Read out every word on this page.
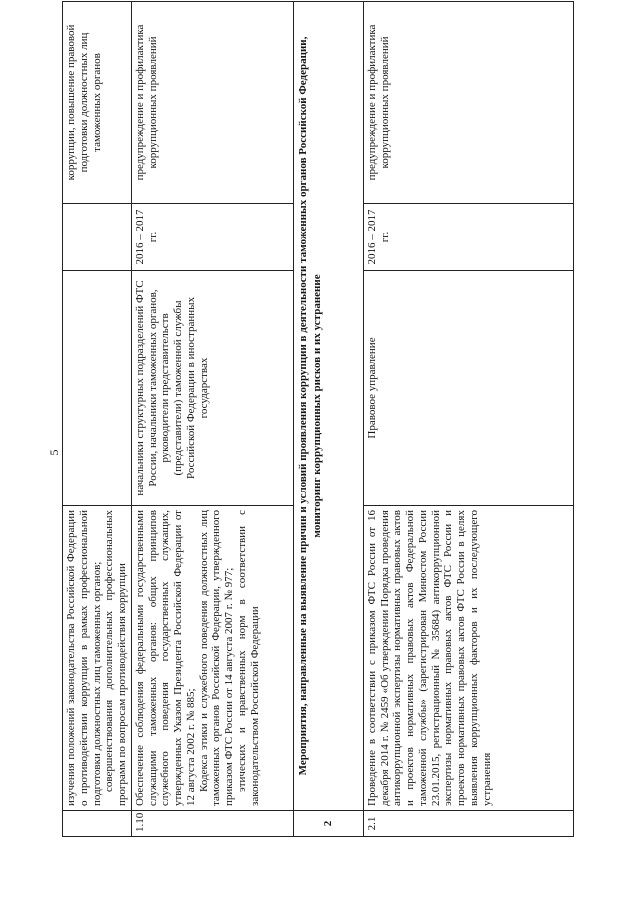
5

	изучения положений законодательства Российской Федерации о противодействии коррупции в рамках профессиональной подготовки должностных лиц таможенных органов; совершенствования дополнительных профессиональных программ по вопросам противодействия коррупции			коррупции, повышение правовой подготовки должностных лиц таможенных органов
1.10	Обеспечение соблюдения федеральными государственными служащими таможенных органов: общих принципов служебного поведения государственных служащих, утвержденных Указом Президента Российской Федерации от 12 августа 2002 г. № 885; Кодекса этики и служебного поведения должностных лиц таможенных органов Российской Федерации, утвержденного приказом ФТС России от 14 августа 2007 г. № 977; этических и нравственных норм в соответствии с законодательством Российской Федерации	начальники структурных подразделений ФТС России, начальники таможенных органов, руководители представительств (представители) таможенной службы Российской Федерации в иностранных государствах	2016 – 2017 гг.	предупреждение и профилактика коррупционных проявлений
2	Мероприятия, направленные на выявление причин и условий проявления коррупции в деятельности таможенных органов Российской Федерации, мониторинг коррупционных рисков и их устранение			
2.1	Проведение в соответствии с приказом ФТС России от 16 декабря 2014 г. № 2459 «Об утверждении Порядка проведения антикоррупционной экспертизы нормативных правовых актов и проектов нормативных правовых актов Федеральной таможенной службы» (зарегистрирован Минюстом России 23.01.2015, регистрационный № 35684) антикоррупционной экспертизы нормативных правовых актов ФТС России и проектов нормативных правовых актов ФТС России в целях выявления коррупционных факторов и их последующего устранения	Правовое управление	2016 – 2017 гг.	предупреждение и профилактика коррупционных проявлений
